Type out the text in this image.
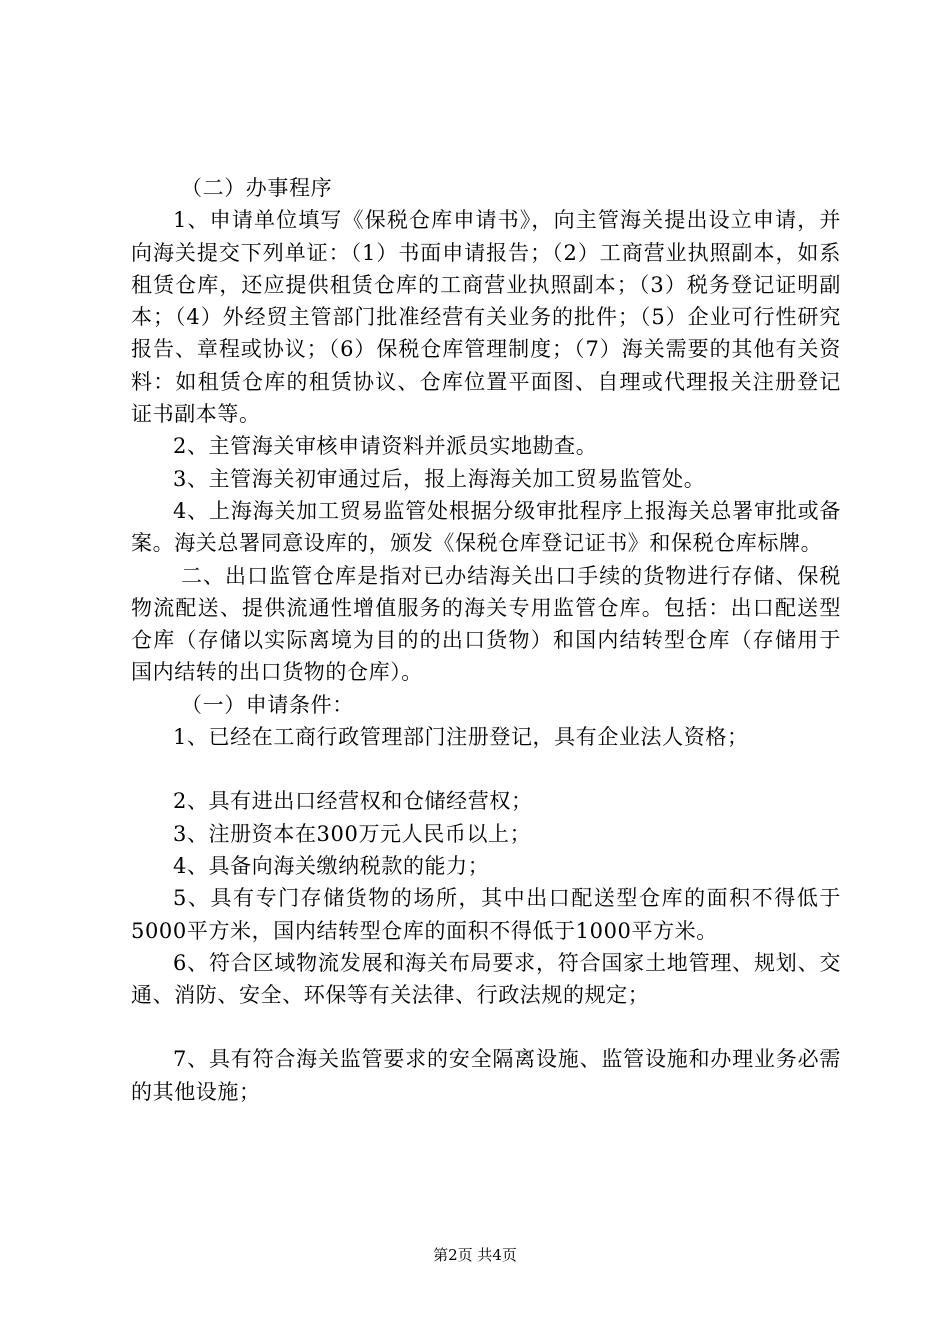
（二）办事程序

1、申请单位填写《保税仓库申请书》，向主管海关提出设立申请，并向海关提交下列单证：（1）书面申请报告；（2）工商营业执照副本，如系租赁仓库，还应提供租赁仓库的工商营业执照副本；（3）税务登记证明副本；（4）外经贸主管部门批准经营有关业务的批件；（5）企业可行性研究报告、章程或协议；（6）保税仓库管理制度；（7）海关需要的其他有关资料：如租赁仓库的租赁协议、仓库位置平面图、自理或代理报关注册登记证书副本等。

2、主管海关审核申请资料并派员实地勘查。

3、主管海关初审通过后，报上海海关加工贸易监管处。

4、上海海关加工贸易监管处根据分级审批程序上报海关总署审批或备案。海关总署同意设库的，颁发《保税仓库登记证书》和保税仓库标牌。

二、出口监管仓库是指对已办结海关出口手续的货物进行存储、保税物流配送、提供流通性增值服务的海关专用监管仓库。包括：出口配送型仓库（存储以实际离境为目的的出口货物）和国内结转型仓库（存储用于国内结转的出口货物的仓库）。

（一）申请条件：

1、已经在工商行政管理部门注册登记，具有企业法人资格；

2、具有进出口经营权和仓储经营权；

3、注册资本在300万元人民币以上；

4、具备向海关缴纳税款的能力；

5、具有专门存储货物的场所，其中出口配送型仓库的面积不得低于5000平方米，国内结转型仓库的面积不得低于1000平方米。

6、符合区域物流发展和海关布局要求，符合国家土地管理、规划、交通、消防、安全、环保等有关法律、行政法规的规定；

7、具有符合海关监管要求的安全隔离设施、监管设施和办理业务必需的其他设施；

第2页 共4页
